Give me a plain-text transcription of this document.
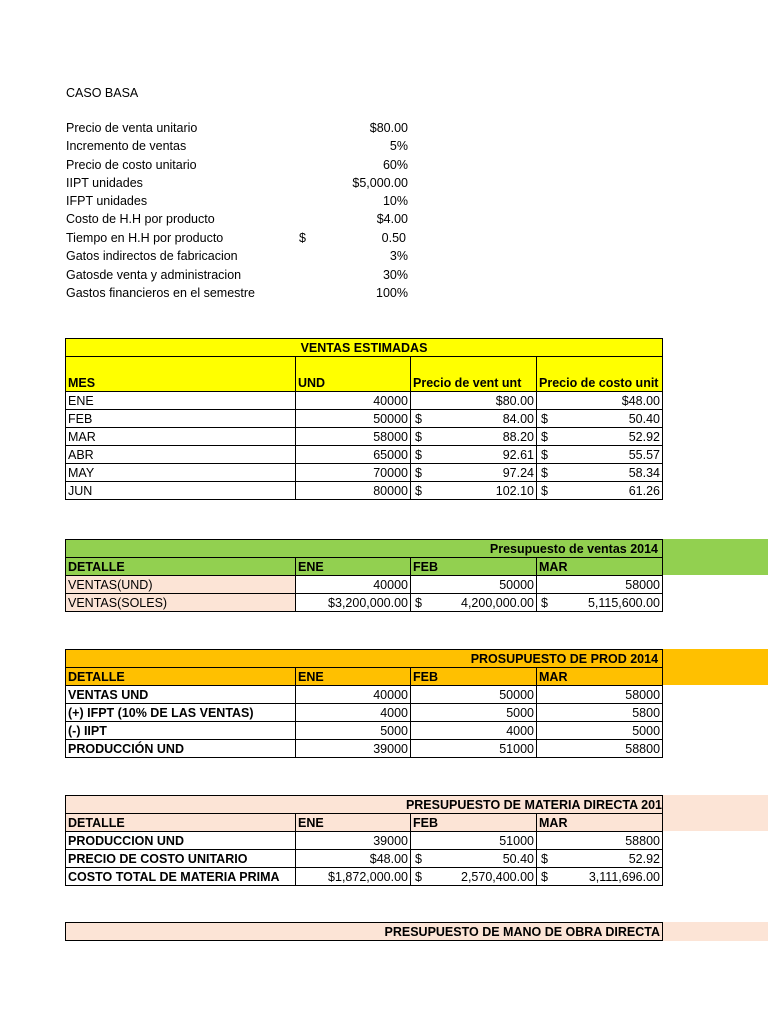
CASO BASA
Precio de venta unitario	$80.00
Incremento de ventas	5%
Precio de costo unitario	60%
IIPT unidades	$5,000.00
IFPT unidades	10%
Costo de H.H por producto	$4.00
Tiempo en H.H por producto	$	0.50
Gatos indirectos de fabricacion	3%
Gatosde venta y administracion	30%
Gastos financieros en el semestre	100%
VENTAS ESTIMADAS			
MES	UND	Precio de vent unt	Precio de costo unit
ENE	40000	$80.00	$48.00
FEB	50000	$ 84.00	$ 50.40
MAR	58000	$ 88.20	$ 52.92
ABR	65000	$ 92.61	$ 55.57
MAY	70000	$ 97.24	$ 58.34
JUN	80000	$ 102.10	$ 61.26
Presupuesto de ventas 2014			
DETALLE	ENE	FEB	MAR
VENTAS(UND)	40000	50000	58000
VENTAS(SOLES)	$3,200,000.00	$ 4,200,000.00	$ 5,115,600.00
PROSUPUESTO DE PROD 2014			
DETALLE	ENE	FEB	MAR
VENTAS UND	40000	50000	58000
(+) IFPT (10% DE LAS VENTAS)	4000	5000	5800
(-) IIPT	5000	4000	5000
PRODUCCIÓN UND	39000	51000	58800
PRESUPUESTO DE MATERIA DIRECTA 201			
DETALLE	ENE	FEB	MAR
PRODUCCION UND	39000	51000	58800
PRECIO DE COSTO UNITARIO	$48.00	$ 50.40	$ 52.92
COSTO TOTAL DE MATERIA PRIMA	$1,872,000.00	$ 2,570,400.00	$ 3,111,696.00
PRESUPUESTO DE MANO DE OBRA DIRECTA
